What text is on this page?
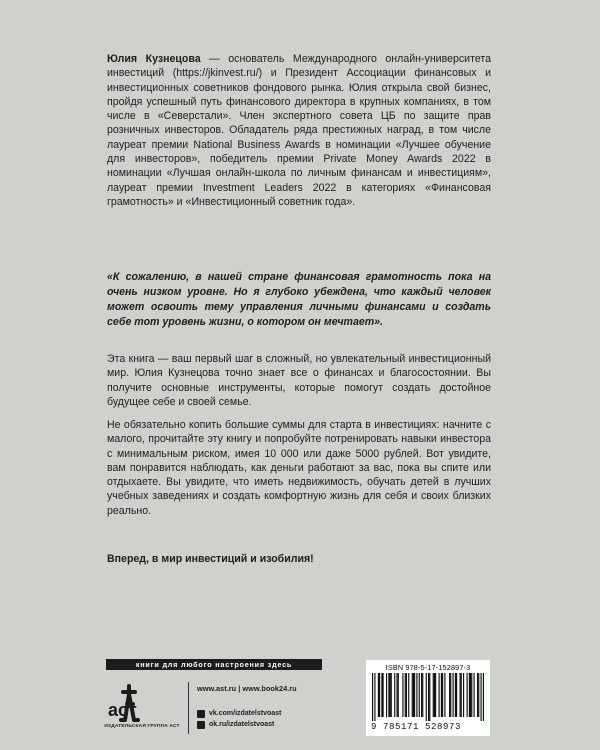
Юлия Кузнецова — основатель Международного онлайн-университета инвестиций (https://jkinvest.ru/) и Президент Ассоциации финансовых и инвестиционных советников фондового рынка. Юлия открыла свой бизнес, пройдя успешный путь финансового директора в крупных компаниях, в том числе в «Северстали». Член экспертного совета ЦБ по защите прав розничных инвесторов. Обладатель ряда престижных наград, в том числе лауреат премии National Business Awards в номинации «Лучшее обучение для инвесторов», победитель премии Private Money Awards 2022 в номинации «Лучшая онлайн-школа по личным финансам и инвестициям», лауреат премии Investment Leaders 2022 в категориях «Финансовая грамотность» и «Инвестиционный советник года».
«К сожалению, в нашей стране финансовая грамотность пока на очень низком уровне. Но я глубоко убеждена, что каждый человек может освоить тему управления личными финансами и создать себе тот уровень жизни, о котором он мечтает».
Эта книга — ваш первый шаг в сложный, но увлекательный инвестиционный мир. Юлия Кузнецова точно знает все о финансах и благосостоянии. Вы получите основные инструменты, которые помогут создать достойное будущее себе и своей семье.
Не обязательно копить большие суммы для старта в инвестициях: начните с малого, прочитайте эту книгу и попробуйте потренировать навыки инвестора с минимальным риском, имея 10 000 или даже 5000 рублей. Вот увидите, вам понравится наблюдать, как деньги работают за вас, пока вы спите или отдыхаете. Вы увидите, что иметь недвижимость, обучать детей в лучших учебных заведениях и создать комфортную жизнь для себя и своих близких реально.
Вперед, в мир инвестиций и изобилия!
книги для любого настроения здесь
аст
ИЗДАТЕЛЬСКАЯ ГРУППА АСТ
www.ast.ru | www.book24.ru
vk.com/izdatelstvoast
ok.ru/izdatelstvoast
ISBN 978-5-17-152897-3
9 785171 528973
